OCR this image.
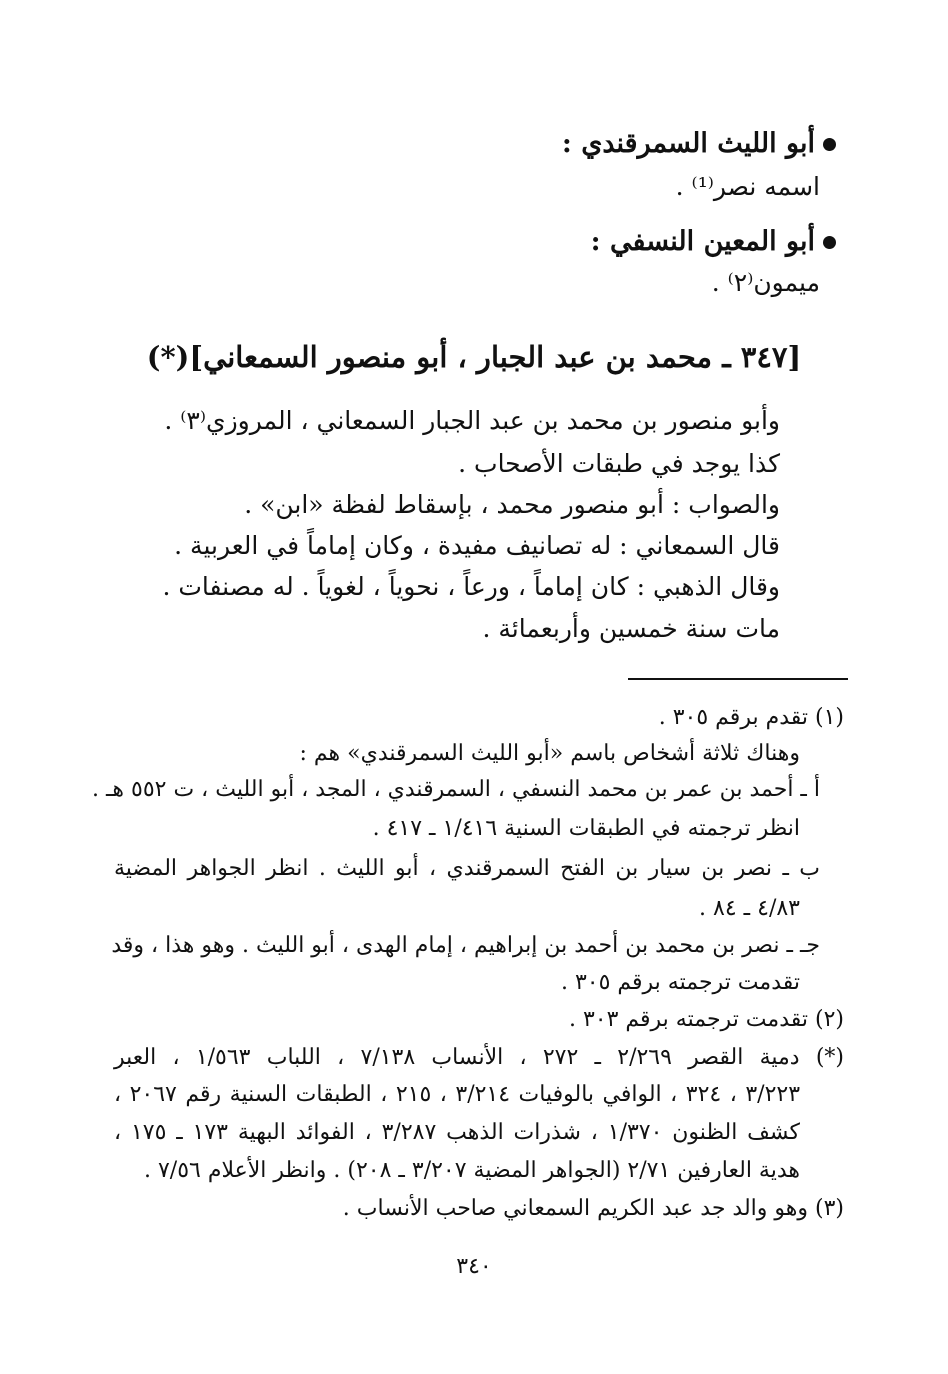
أبو الليث السمرقندي :
اسمه نصر⁽¹⁾ .
أبو المعين النسفي :
ميمون⁽٢⁾ .
[٣٤٧ ـ محمد بن عبد الجبار ، أبو منصور السمعاني](*)
وأبو منصور بن محمد بن عبد الجبار السمعاني ، المروزي⁽٣⁾ .
كذا يوجد في طبقات الأصحاب .
والصواب : أبو منصور محمد ، بإسقاط لفظة «ابن» .
قال السمعاني : له تصانيف مفيدة ، وكان إماماً في العربية .
وقال الذهبي : كان إماماً ، ورعاً ، نحوياً ، لغوياً . له مصنفات .
مات سنة خمسين وأربعمائة .
(١) تقدم برقم ٣٠٥ .
وهناك ثلاثة أشخاص باسم «أبو الليث السمرقندي» هم :
أ ـ أحمد بن عمر بن محمد النسفي ، السمرقندي ، المجد ، أبو الليث ، ت ٥٥٢ هـ .
انظر ترجمته في الطبقات السنية ١/٤١٦ ـ ٤١٧ .
ب ـ نصر بن سيار بن الفتح السمرقندي ، أبو الليث . انظر الجواهر المضية
٤/٨٣ ـ ٨٤ .
جـ ـ نصر بن محمد بن أحمد بن إبراهيم ، إمام الهدى ، أبو الليث . وهو هذا ، وقد
تقدمت ترجمته برقم ٣٠٥ .
(٢) تقدمت ترجمته برقم ٣٠٣ .
(*) دمية القصر ٢/٢٦٩ ـ ٢٧٢ ، الأنساب ٧/١٣٨ ، اللباب ١/٥٦٣ ، العبر
٣/٢٢٣ ، ٣٢٤ ، الوافي بالوفيات ٣/٢١٤ ، ٢١٥ ، الطبقات السنية رقم ٢٠٦٧ ،
كشف الظنون ١/٣٧٠ ، شذرات الذهب ٣/٢٨٧ ، الفوائد البهية ١٧٣ ـ ١٧٥ ،
هدية العارفين ٢/٧١ (الجواهر المضية ٣/٢٠٧ ـ ٢٠٨) . وانظر الأعلام ٧/٥٦ .
(٣) وهو والد جد عبد الكريم السمعاني صاحب الأنساب .
٣٤٠
